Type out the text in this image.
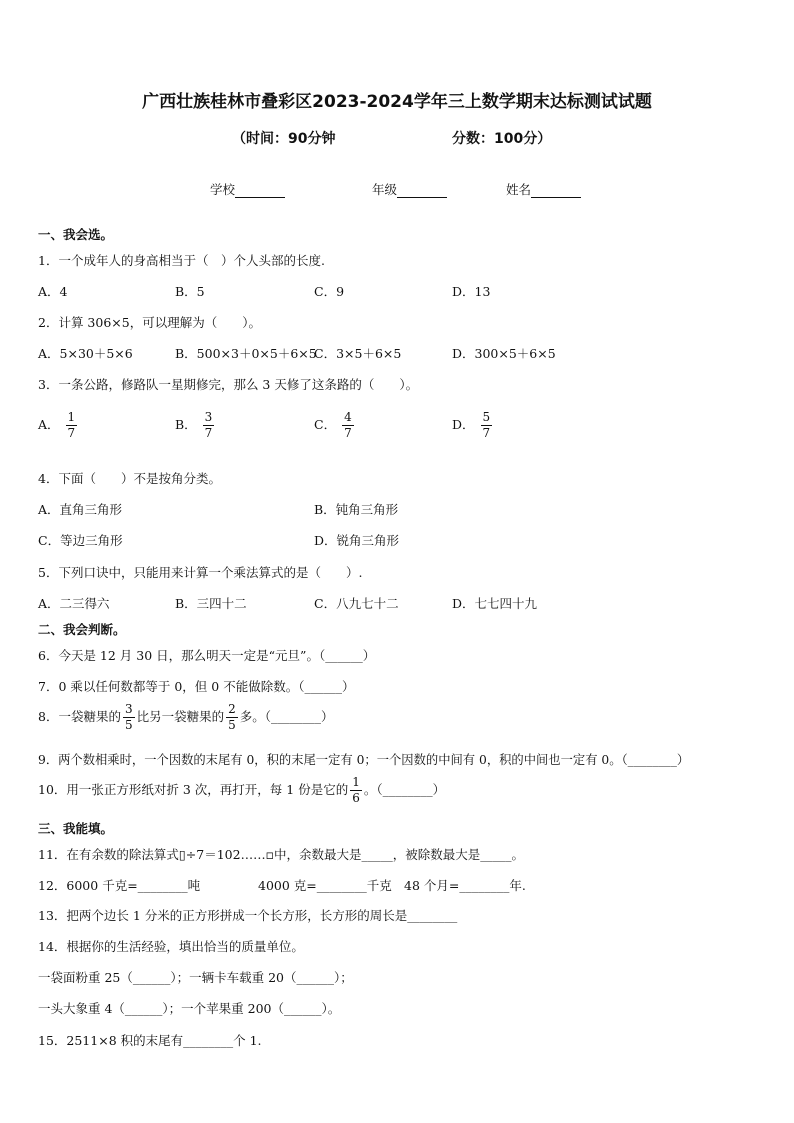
广西壮族桂林市叠彩区2023-2024学年三上数学期末达标测试试题
（时间：90分钟	分数：100分）
学校	年级	姓名
一、我会选。
1．一个成年人的身高相当于（　）个人头部的长度.
A．4	B．5	C．9	D．13
2．计算 306×5，可以理解为（　　）。
A．5×30＋5×6	B．500×3＋0×5＋6×5
C．3×5＋6×5	D．300×5＋6×5
3．一条公路，修路队一星期修完，那么 3 天修了这条路的（　　）。
A． $\frac{1}{7}$	B． $\frac{3}{7}$	C． $\frac{4}{7}$	D． $\frac{5}{7}$
4．下面（　　）不是按角分类。
A．直角三角形	B．钝角三角形
C．等边三角形	D．锐角三角形
5．下列口诀中，只能用来计算一个乘法算式的是（　　）.
A．二三得六	B．三四十二	C．八九七十二	D．七七四十九
二、我会判断。
6．今天是 12 月 30 日，那么明天一定是“元旦”。（______）
7．0 乘以任何数都等于 0，但 0 不能做除数。（______）
8．一袋糖果的 $\frac{3}{5}$ 比另一袋糖果的 $\frac{2}{5}$ 多。（________）
9．两个数相乘时，一个因数的末尾有 0，积的末尾一定有 0；一个因数的中间有 0，积的中间也一定有 0。（________）
10．用一张正方形纸对折 3 次，再打开，每 1 份是它的 $\frac{1}{6}$ 。（________）
三、我能填。
11．在有余数的除法算式▯÷7＝102……▫中，余数最大是_____，被除数最大是_____。
12．6000 千克=________吨	4000 克=________千克 48 个月=________年.
13．把两个边长 1 分米的正方形拼成一个长方形，长方形的周长是________
14．根据你的生活经验，填出恰当的质量单位。
一袋面粉重 25（______）；一辆卡车载重 20（______）；
一头大象重 4（______）；一个苹果重 200（______）。
15．2511×8 积的末尾有________个 1.
